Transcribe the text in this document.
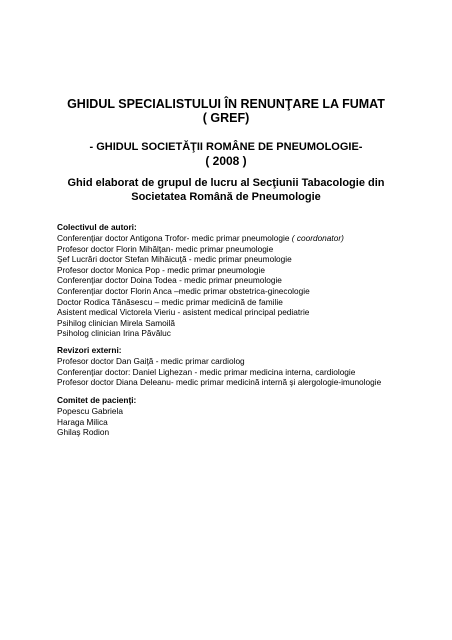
GHIDUL SPECIALISTULUI ÎN RENUNŢARE LA FUMAT

( GREF)

- GHIDUL SOCIETĂŢII ROMÂNE DE PNEUMOLOGIE-

( 2008 )

Ghid elaborat de grupul de lucru al Secţiunii Tabacologie din

Societatea Română de Pneumologie

Colectivul de autori:

Conferenţiar doctor Antigona Trofor- medic primar pneumologie ( coordonator)

Profesor doctor Florin Mihălţan- medic primar pneumologie

Şef Lucrări doctor Stefan Mihăicuţă - medic primar pneumologie

Profesor doctor Monica Pop - medic primar pneumologie

Conferenţiar doctor Doina Todea - medic primar pneumologie

Conferenţiar doctor Florin Anca –medic primar obstetrica-ginecologie

Doctor Rodica Tănăsescu – medic primar medicină de familie

Asistent medical Victorela Vieriu - asistent medical principal pediatrie

Psihilog clinician Mirela Samoilă

Psiholog clinician Irina Păvăluc

Revizori externi:

Profesor doctor Dan Gaiţă - medic primar cardiolog

Conferenţiar doctor: Daniel Lighezan - medic primar medicina interna, cardiologie

Profesor doctor Diana Deleanu- medic primar medicină internă şi alergologie-imunologie

Comitet de pacienţi:

Popescu Gabriela

Haraga Milica

Ghilaş Rodion
